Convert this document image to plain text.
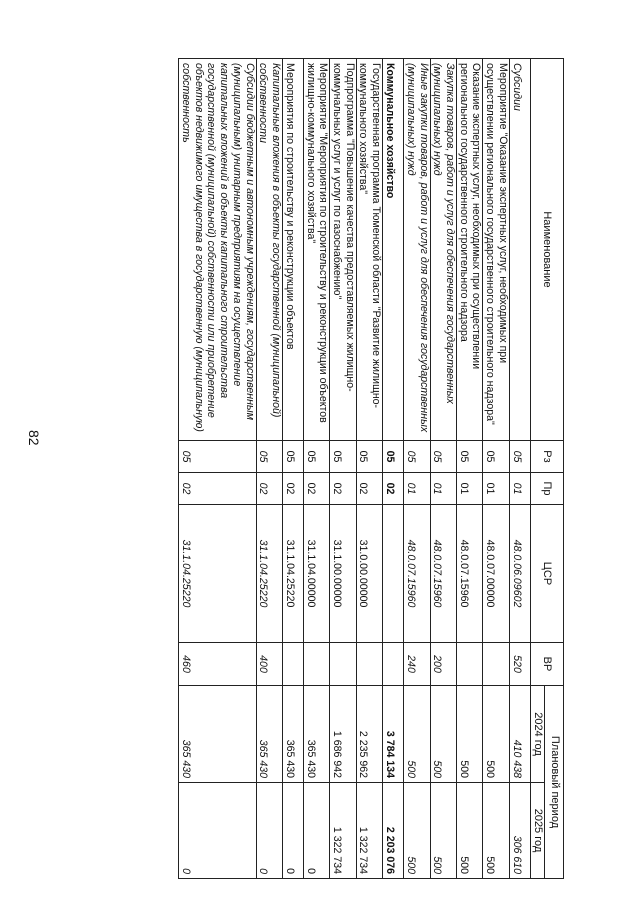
82
Наименование	Рз	Пр	ЦСР	ВР	Плановый период	
					2024 год	2025 год
Субсидии	05	01	48.0.06.09602	520	410 438	306 610
Мероприятие "Оказание экспертных услуг, необходимых при осуществлении регионального государственного строительного надзора"	05	01	48.0.07.00000		500	500
Оказание экспертных услуг, необходимых при осуществлении регионального государственного строительного надзора	05	01	48.0.07.15960		500	500
Закупка товаров, работ и услуг для обеспечения государственных (муниципальных) нужд	05	01	48.0.07.15960	200	500	500
Иные закупки товаров, работ и услуг для обеспечения государственных (муниципальных) нужд	05	01	48.0.07.15960	240	500	500
Коммунальное хозяйство	05	02			3 784 134	2 203 076
Государственная программа Тюменской области "Развитие жилищно-коммунального хозяйства"	05	02	31.0.00.00000		2 235 962	1 322 734
Подпрограмма "Повышение качества предоставляемых жилищно-коммунальных услуг и услуг по газоснабжению"	05	02	31.1.00.00000		1 686 942	1 322 734
Мероприятие "Мероприятия по строительству и реконструкции объектов жилищно-коммунального хозяйства"	05	02	31.1.04.00000		365 430	0
Мероприятия по строительству и реконструкции объектов	05	02	31.1.04.25220		365 430	0
Капитальные вложения в объекты государственной (муниципальной) собственности	05	02	31.1.04.25220	400	365 430	0
Субсидии бюджетным и автономным учреждениям, государственным (муниципальным) унитарным предприятиям на осуществление капитальных вложений в объекты капитального строительства государственной (муниципальной) собственности или приобретение объектов недвижимого имущества в государственную (муниципальную) собственность	05	02	31.1.04.25220	460	365 430	0
